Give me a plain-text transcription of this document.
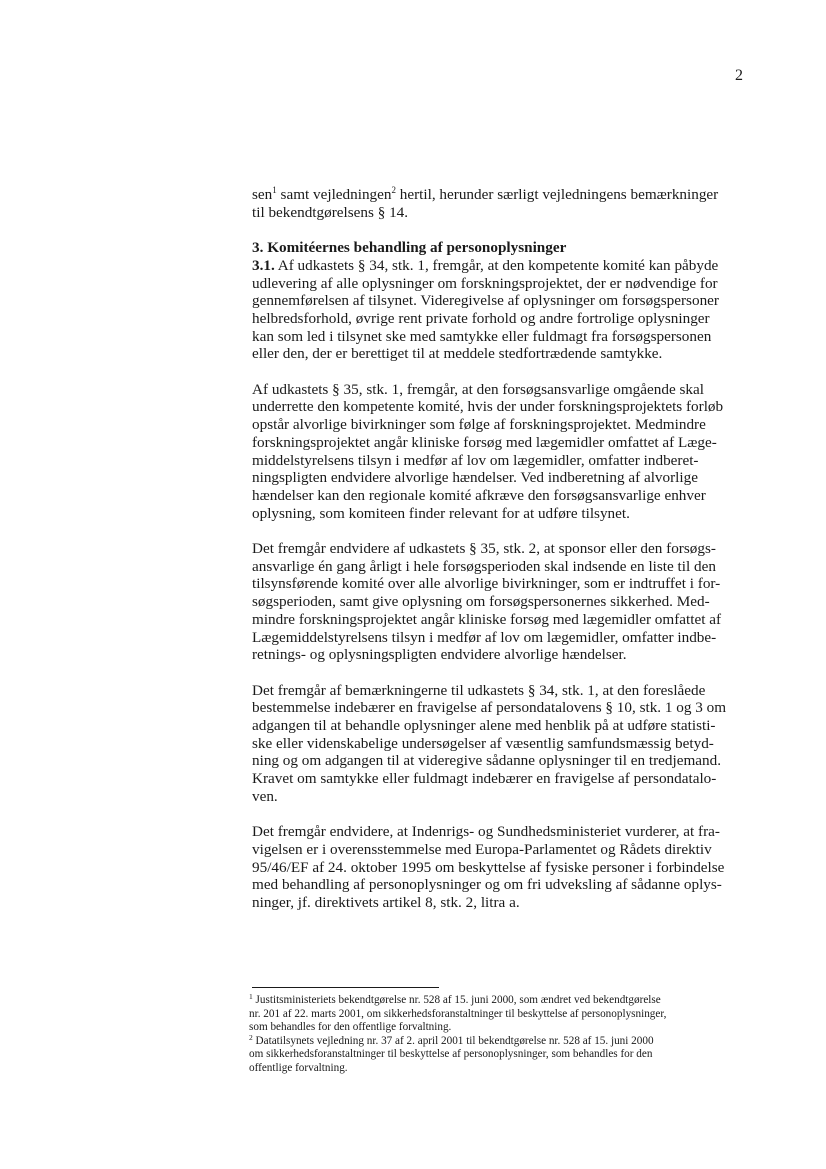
2

sen$^1$ samt vejledningen$^2$ hertil, herunder særligt vejledningens bemærkninger
til bekendtgørelsens § 14.

3. Komitéernes behandling af personoplysninger
3.1. Af udkastets § 34, stk. 1, fremgår, at den kompetente komité kan påbyde
udlevering af alle oplysninger om forskningsprojektet, der er nødvendige for
gennemførelsen af tilsynet. Videregivelse af oplysninger om forsøgspersoner
helbredsforhold, øvrige rent private forhold og andre fortrolige oplysninger
kan som led i tilsynet ske med samtykke eller fuldmagt fra forsøgspersonen
eller den, der er berettiget til at meddele stedfortrædende samtykke.

Af udkastets § 35, stk. 1, fremgår, at den forsøgsansvarlige omgående skal
underrette den kompetente komité, hvis der under forskningsprojektets forløb
opstår alvorlige bivirkninger som følge af forskningsprojektet. Medmindre
forskningsprojektet angår kliniske forsøg med lægemidler omfattet af Læge-
middelstyrelsens tilsyn i medfør af lov om lægemidler, omfatter indberet-
ningspligten endvidere alvorlige hændelser. Ved indberetning af alvorlige
hændelser kan den regionale komité afkræve den forsøgsansvarlige enhver
oplysning, som komiteen finder relevant for at udføre tilsynet.

Det fremgår endvidere af udkastets § 35, stk. 2, at sponsor eller den forsøgs-
ansvarlige én gang årligt i hele forsøgsperioden skal indsende en liste til den
tilsynsførende komité over alle alvorlige bivirkninger, som er indtruffet i for-
søgsperioden, samt give oplysning om forsøgspersonernes sikkerhed. Med-
mindre forskningsprojektet angår kliniske forsøg med lægemidler omfattet af
Lægemiddelstyrelsens tilsyn i medfør af lov om lægemidler, omfatter indbe-
retnings- og oplysningspligten endvidere alvorlige hændelser.

Det fremgår af bemærkningerne til udkastets § 34, stk. 1, at den foreslåede
bestemmelse indebærer en fravigelse af persondatalovens § 10, stk. 1 og 3 om
adgangen til at behandle oplysninger alene med henblik på at udføre statisti-
ske eller videnskabelige undersøgelser af væsentlig samfundsmæssig betyd-
ning og om adgangen til at videregive sådanne oplysninger til en tredjemand.
Kravet om samtykke eller fuldmagt indebærer en fravigelse af persondatalo-
ven.

Det fremgår endvidere, at Indenrigs- og Sundhedsministeriet vurderer, at fra-
vigelsen er i overensstemmelse med Europa-Parlamentet og Rådets direktiv
95/46/EF af 24. oktober 1995 om beskyttelse af fysiske personer i forbindelse
med behandling af personoplysninger og om fri udveksling af sådanne oplys-
ninger, jf. direktivets artikel 8, stk. 2, litra a.

$^1$ Justitsministeriets bekendtgørelse nr. 528 af 15. juni 2000, som ændret ved bekendtgørelse
nr. 201 af 22. marts 2001, om sikkerhedsforanstaltninger til beskyttelse af personoplysninger,
som behandles for den offentlige forvaltning.
$^2$ Datatilsynets vejledning nr. 37 af 2. april 2001 til bekendtgørelse nr. 528 af 15. juni 2000
om sikkerhedsforanstaltninger til beskyttelse af personoplysninger, som behandles for den
offentlige forvaltning.
